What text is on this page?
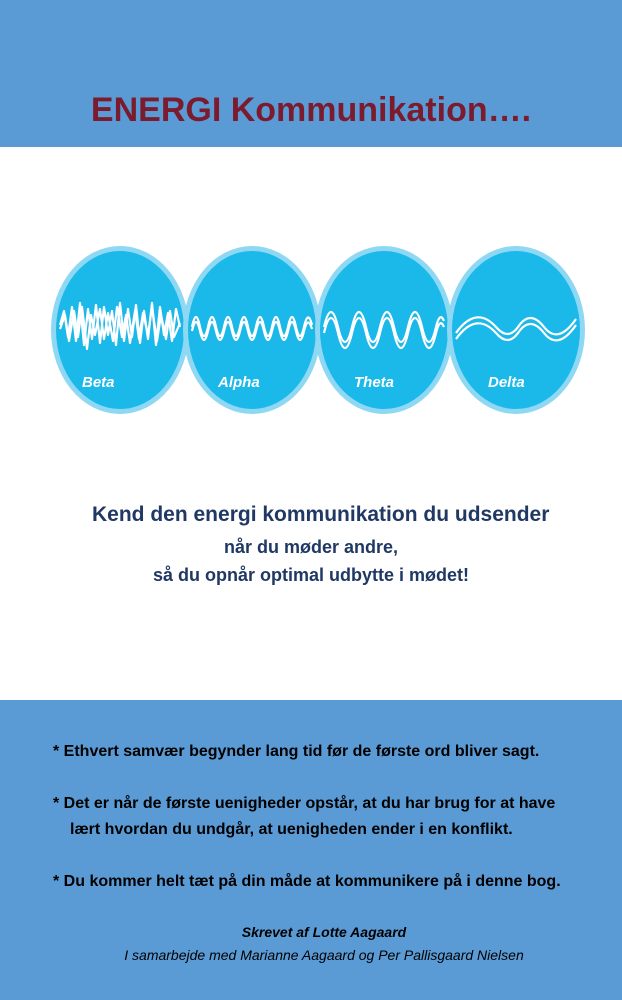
ENERGI Kommunikation….
Beta	Alpha	Theta	Delta
Kend den energi kommunikation du udsender
når du møder andre,
så du opnår optimal udbytte i mødet!
* Ethvert samvær begynder lang tid før de første ord bliver sagt.
* Det er når de første uenigheder opstår, at du har brug for at have
lært hvordan du undgår, at uenigheden ender i en konflikt.
* Du kommer helt tæt på din måde at kommunikere på i denne bog.
Skrevet af Lotte Aagaard
I samarbejde med Marianne Aagaard og Per Pallisgaard Nielsen
